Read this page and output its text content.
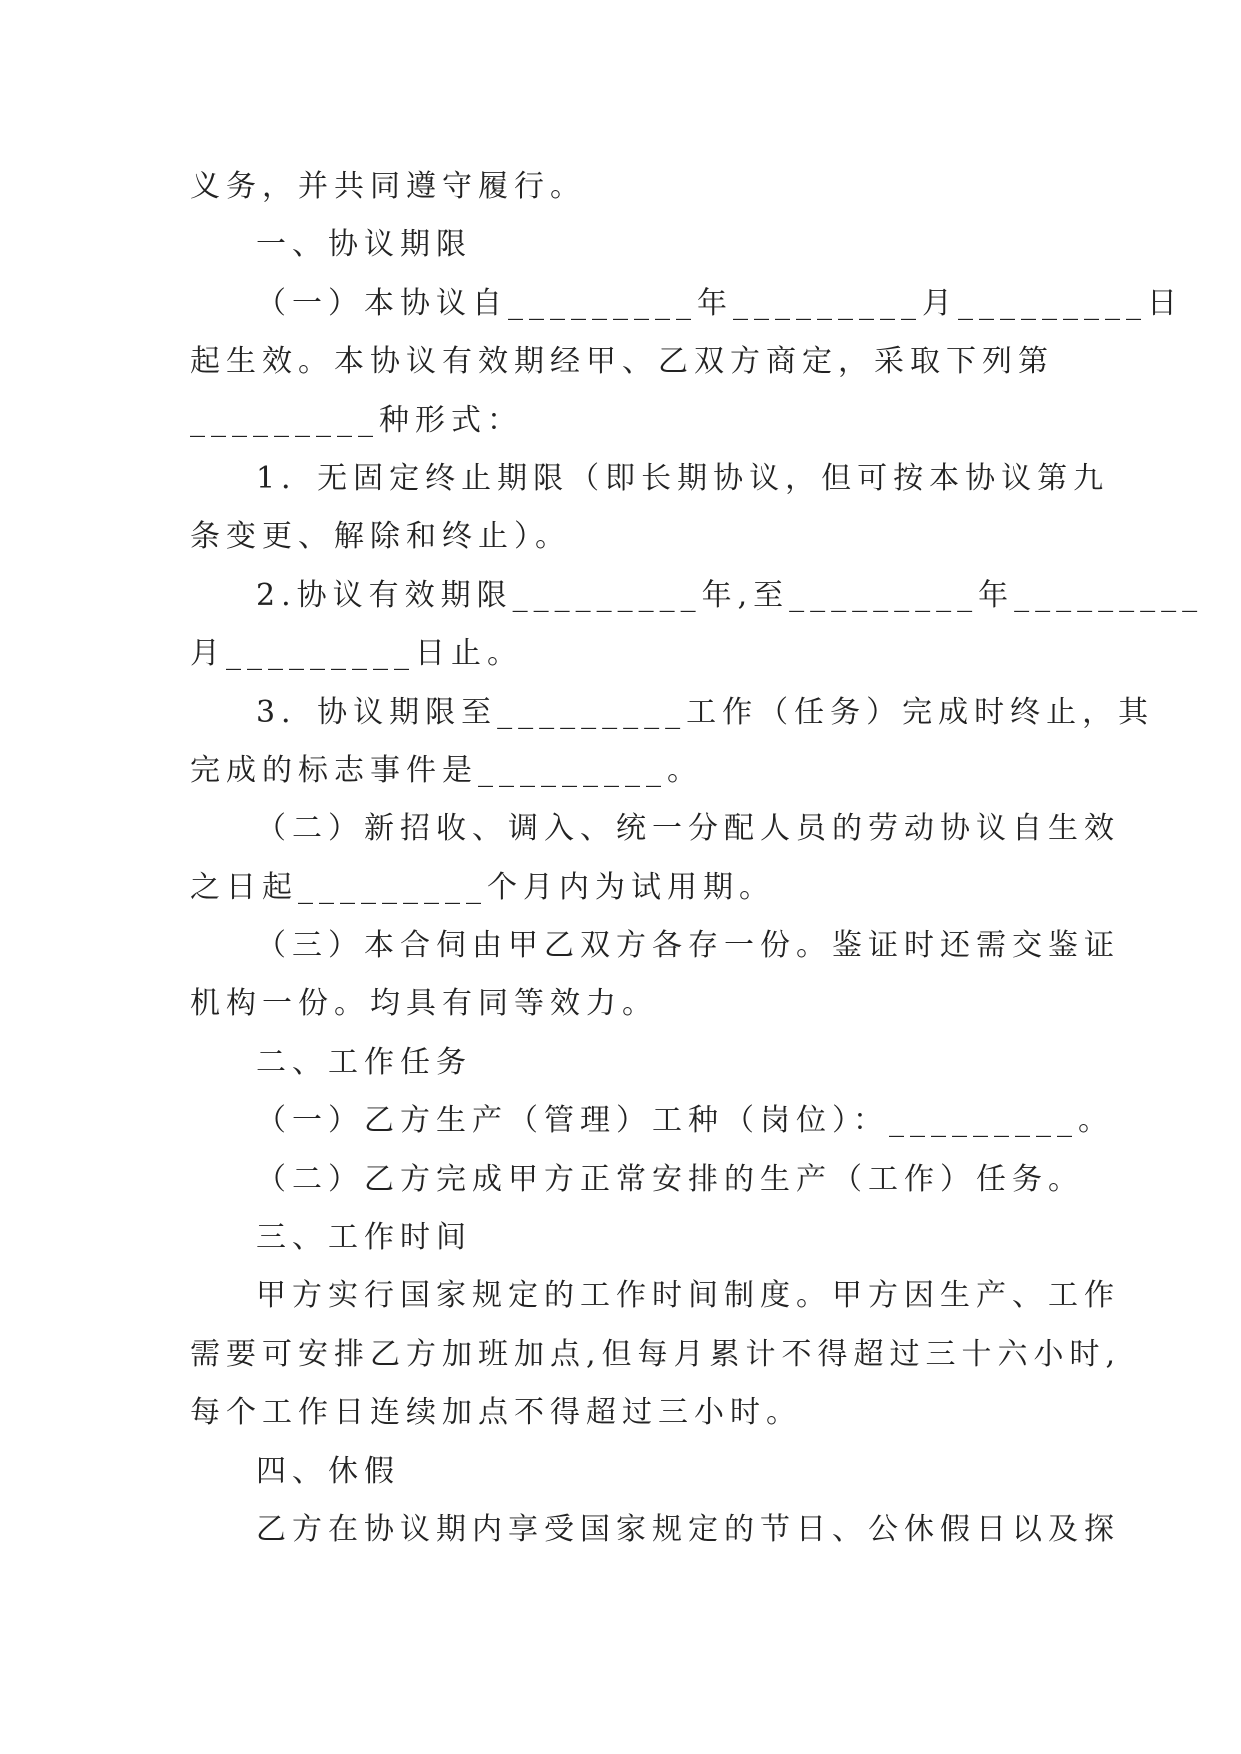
义务，并共同遵守履行。
一、协议期限
（一）本协议自_________年_________月_________日
起生效。本协议有效期经甲、乙双方商定，采取下列第
_________种形式：
1．无固定终止期限（即长期协议，但可按本协议第九
条变更、解除和终止）。
2.协议有效期限_________年,至_________年_________
月_________日止。
3．协议期限至_________工作（任务）完成时终止，其
完成的标志事件是_________。
（二）新招收、调入、统一分配人员的劳动协议自生效
之日起_________个月内为试用期。
（三）本合伺由甲乙双方各存一份。鉴证时还需交鉴证
机构一份。均具有同等效力。
二、工作任务
（一）乙方生产（管理）工种（岗位）：_________。
（二）乙方完成甲方正常安排的生产（工作）任务。
三、工作时间
甲方实行国家规定的工作时间制度。甲方因生产、工作
需要可安排乙方加班加点,但每月累计不得超过三十六小时,
每个工作日连续加点不得超过三小时。
四、休假
乙方在协议期内享受国家规定的节日、公休假日以及探
